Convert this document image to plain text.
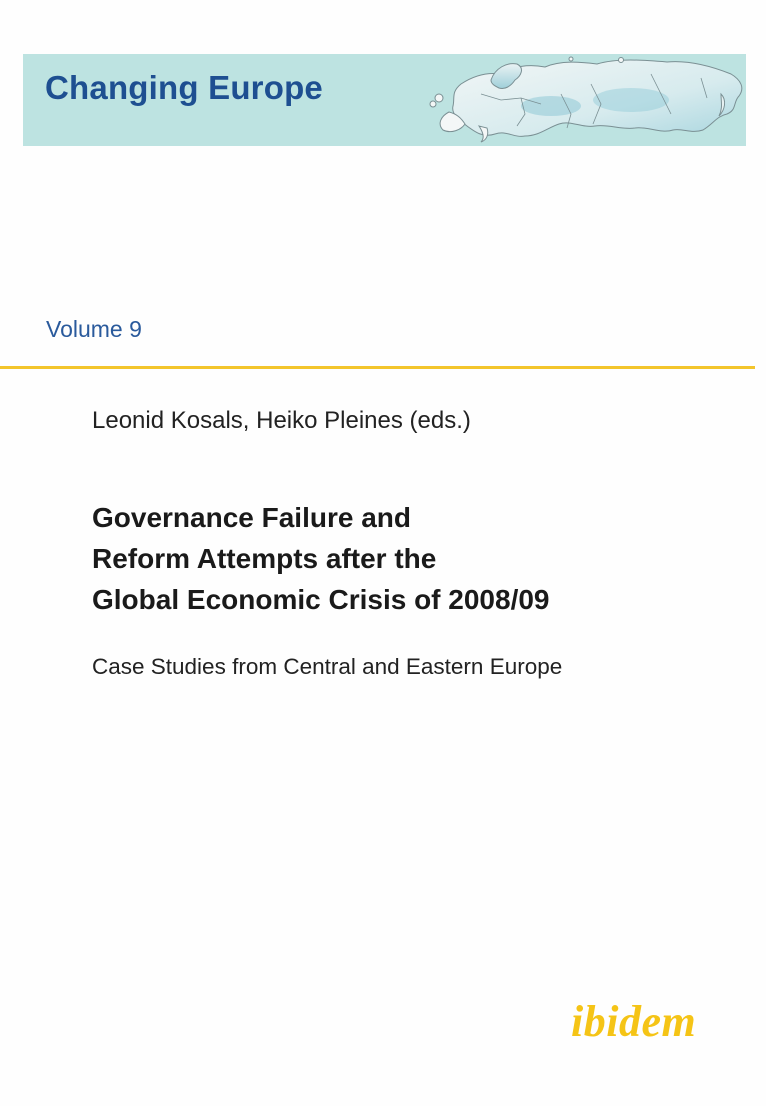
Changing Europe

Volume 9

Leonid Kosals, Heiko Pleines (eds.)

Governance Failure and
Reform Attempts after the
Global Economic Crisis of 2008/09

Case Studies from Central and Eastern Europe

ibidem
